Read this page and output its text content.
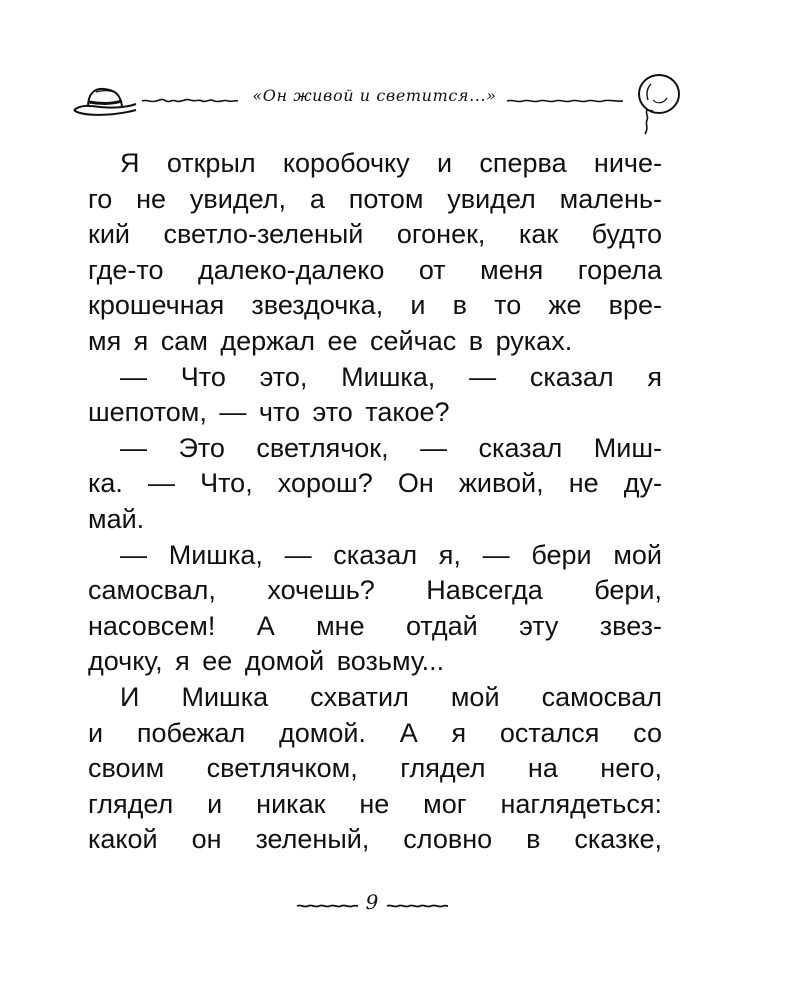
«Он живой и светится...»
Я открыл коробочку и сперва ниче-
го не увидел, а потом увидел малень-
кий светло-зеленый огонек, как будто
где-то далеко-далеко от меня горела
крошечная звездочка, и в то же вре-
мя я сам держал ее сейчас в руках.
— Что это, Мишка, — сказал я
шепотом, — что это такое?
— Это светлячок, — сказал Миш-
ка. — Что, хорош? Он живой, не ду-
май.
— Мишка, — сказал я, — бери мой
самосвал, хочешь? Навсегда бери,
насовсем! А мне отдай эту звез-
дочку, я ее домой возьму...
И Мишка схватил мой самосвал
и побежал домой. А я остался со
своим светлячком, глядел на него,
глядел и никак не мог наглядеться:
какой он зеленый, словно в сказке,
9
